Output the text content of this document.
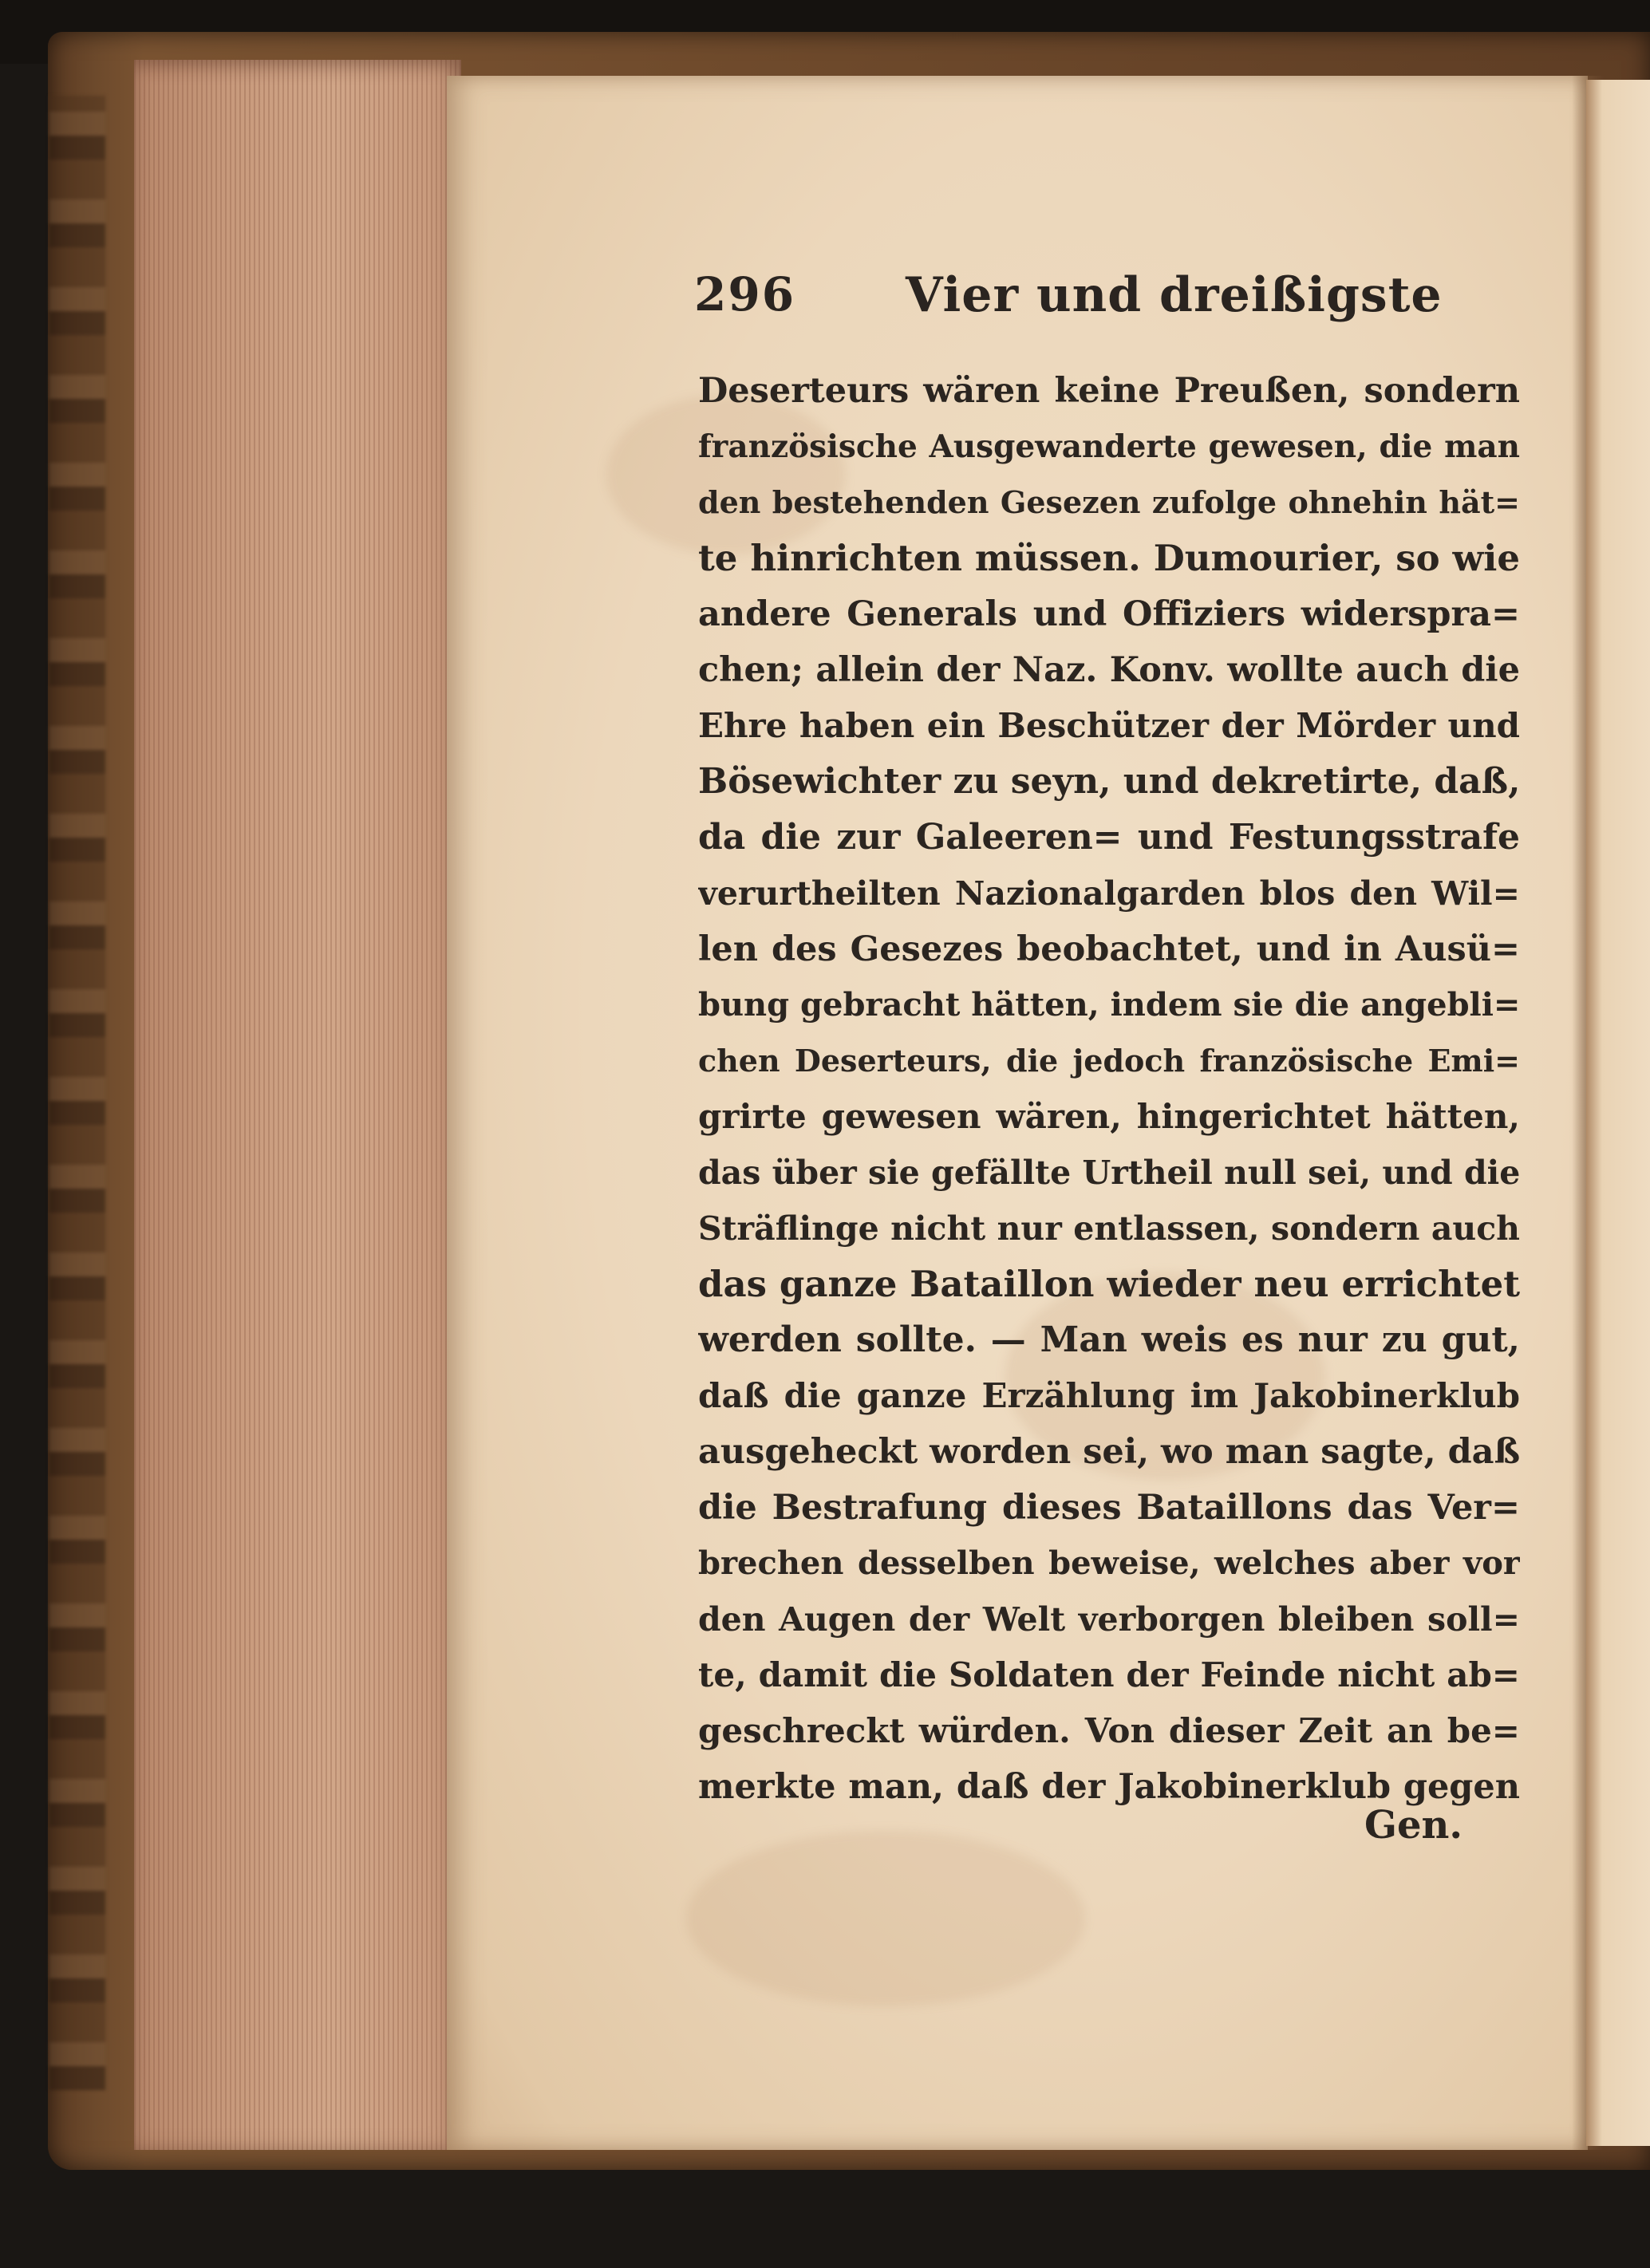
296 Vier und dreißigste
Deserteurs wären keine Preußen, sondern
französische Ausgewanderte gewesen, die man
den bestehenden Gesezen zufolge ohnehin hät=
te hinrichten müssen. Dumourier, so wie
andere Generals und Offiziers widerspra=
chen; allein der Naz. Konv. wollte auch die
Ehre haben ein Beschützer der Mörder und
Bösewichter zu seyn, und dekretirte, daß,
da die zur Galeeren= und Festungsstrafe
verurtheilten Nazionalgarden blos den Wil=
len des Gesezes beobachtet, und in Ausü=
bung gebracht hätten, indem sie die angebli=
chen Deserteurs, die jedoch französische Emi=
grirte gewesen wären, hingerichtet hätten,
das über sie gefällte Urtheil null sei, und die
Sträflinge nicht nur entlassen, sondern auch
das ganze Bataillon wieder neu errichtet
werden sollte. — Man weis es nur zu gut,
daß die ganze Erzählung im Jakobinerklub
ausgeheckt worden sei, wo man sagte, daß
die Bestrafung dieses Bataillons das Ver=
brechen desselben beweise, welches aber vor
den Augen der Welt verborgen bleiben soll=
te, damit die Soldaten der Feinde nicht ab=
geschreckt würden. Von dieser Zeit an be=
merkte man, daß der Jakobinerklub gegen
Gen.
